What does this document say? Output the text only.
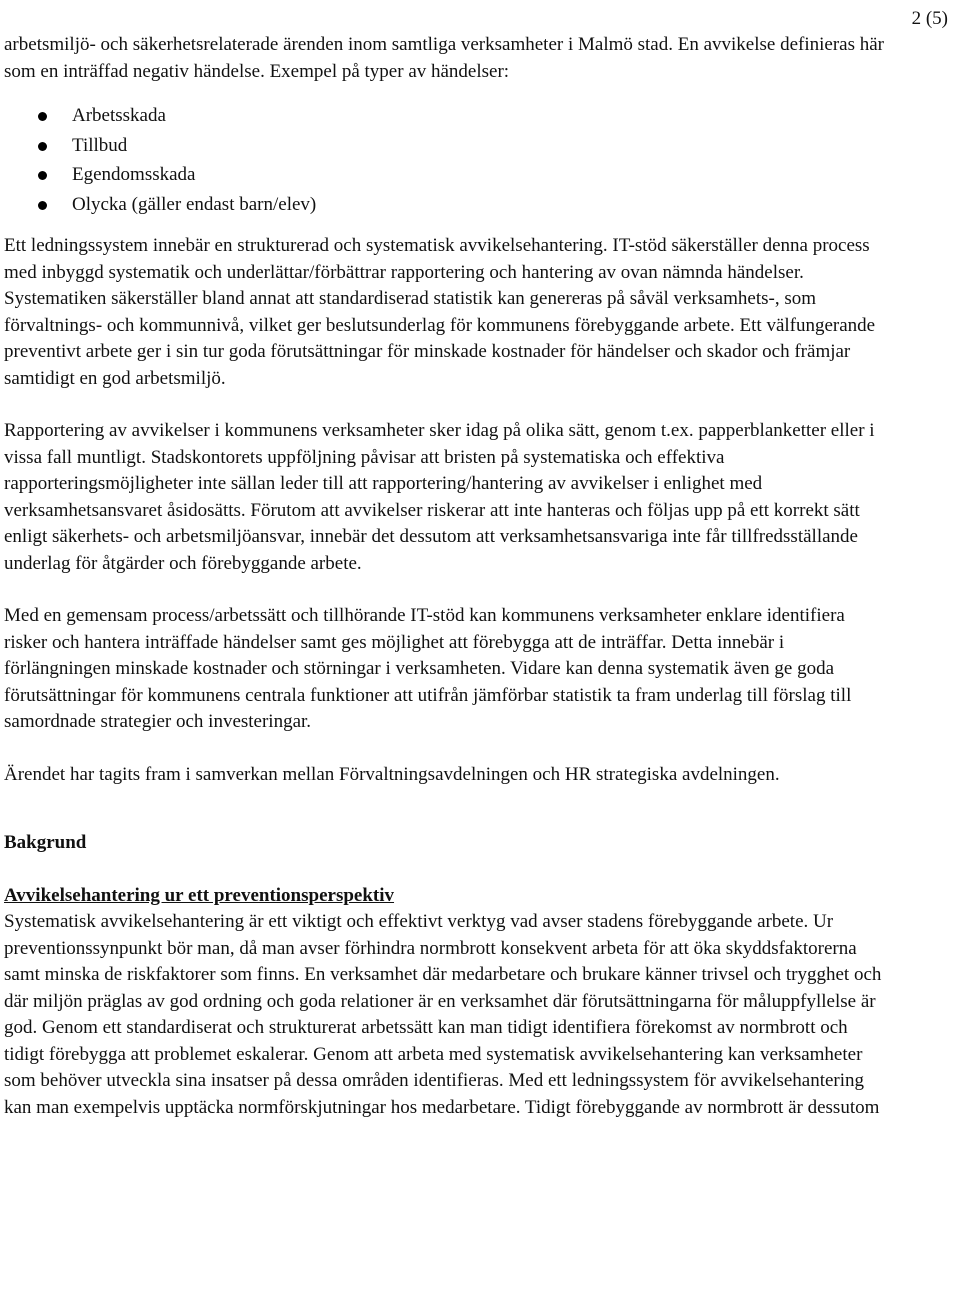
2 (5)

arbetsmiljö- och säkerhetsrelaterade ärenden inom samtliga verksamheter i Malmö stad. En avvikelse definieras här som en inträffad negativ händelse. Exempel på typer av händelser:

Arbetsskada
Tillbud
Egendomsskada
Olycka (gäller endast barn/elev)

Ett ledningssystem innebär en strukturerad och systematisk avvikelsehantering. IT-stöd säkerställer denna process med inbyggd systematik och underlättar/förbättrar rapportering och hantering av ovan nämnda händelser. Systematiken säkerställer bland annat att standardiserad statistik kan genereras på såväl verksamhets-, som förvaltnings- och kommunnivå, vilket ger beslutsunderlag för kommunens förebyggande arbete. Ett välfungerande preventivt arbete ger i sin tur goda förutsättningar för minskade kostnader för händelser och skador och främjar samtidigt en god arbetsmiljö.

Rapportering av avvikelser i kommunens verksamheter sker idag på olika sätt, genom t.ex. papperblanketter eller i vissa fall muntligt. Stadskontorets uppföljning påvisar att bristen på systematiska och effektiva rapporteringsmöjligheter inte sällan leder till att rapportering/hantering av avvikelser i enlighet med verksamhetsansvaret åsidosätts. Förutom att avvikelser riskerar att inte hanteras och följas upp på ett korrekt sätt enligt säkerhets- och arbetsmiljöansvar, innebär det dessutom att verksamhetsansvariga inte får tillfredsställande underlag för åtgärder och förebyggande arbete.

Med en gemensam process/arbetssätt och tillhörande IT-stöd kan kommunens verksamheter enklare identifiera risker och hantera inträffade händelser samt ges möjlighet att förebygga att de inträffar. Detta innebär i förlängningen minskade kostnader och störningar i verksamheten. Vidare kan denna systematik även ge goda förutsättningar för kommunens centrala funktioner att utifrån jämförbar statistik ta fram underlag till förslag till samordnade strategier och investeringar.

Ärendet har tagits fram i samverkan mellan Förvaltningsavdelningen och HR strategiska avdelningen.

Bakgrund

Avvikelsehantering ur ett preventionsperspektiv

Systematisk avvikelsehantering är ett viktigt och effektivt verktyg vad avser stadens förebyggande arbete. Ur preventionssynpunkt bör man, då man avser förhindra normbrott konsekvent arbeta för att öka skyddsfaktorerna samt minska de riskfaktorer som finns. En verksamhet där medarbetare och brukare känner trivsel och trygghet och där miljön präglas av god ordning och goda relationer är en verksamhet där förutsättningarna för måluppfyllelse är god. Genom ett standardiserat och strukturerat arbetssätt kan man tidigt identifiera förekomst av normbrott och tidigt förebygga att problemet eskalerar. Genom att arbeta med systematisk avvikelsehantering kan verksamheter som behöver utveckla sina insatser på dessa områden identifieras. Med ett ledningssystem för avvikelsehantering kan man exempelvis upptäcka normförskjutningar hos medarbetare. Tidigt förebyggande av normbrott är dessutom
